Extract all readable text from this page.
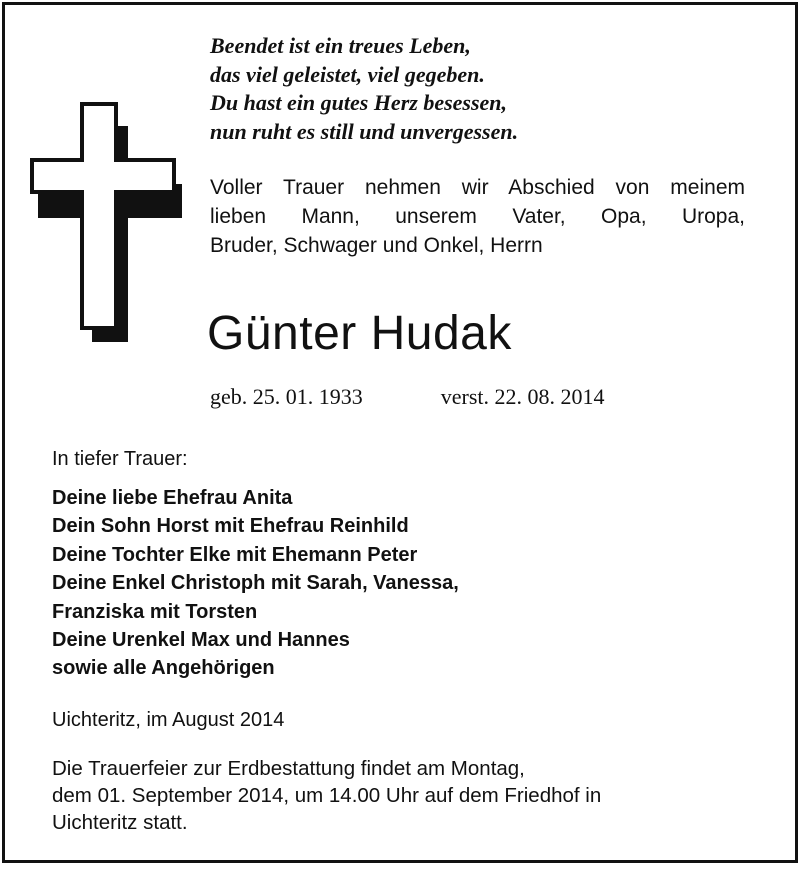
Beendet ist ein treues Leben,
das viel geleistet, viel gegeben.
Du hast ein gutes Herz besessen,
nun ruht es still und unvergessen.
Voller Trauer nehmen wir Abschied von meinem
lieben Mann, unserem Vater, Opa, Uropa,
Bruder, Schwager und Onkel, Herrn
Günter Hudak
geb. 25. 01. 1933	verst. 22. 08. 2014
In tiefer Trauer:
Deine liebe Ehefrau Anita
Dein Sohn Horst mit Ehefrau Reinhild
Deine Tochter Elke mit Ehemann Peter
Deine Enkel Christoph mit Sarah, Vanessa,
Franziska mit Torsten
Deine Urenkel Max und Hannes
sowie alle Angehörigen
Uichteritz, im August 2014
Die Trauerfeier zur Erdbestattung findet am Montag,
dem 01. September 2014, um 14.00 Uhr auf dem Friedhof in
Uichteritz statt.
